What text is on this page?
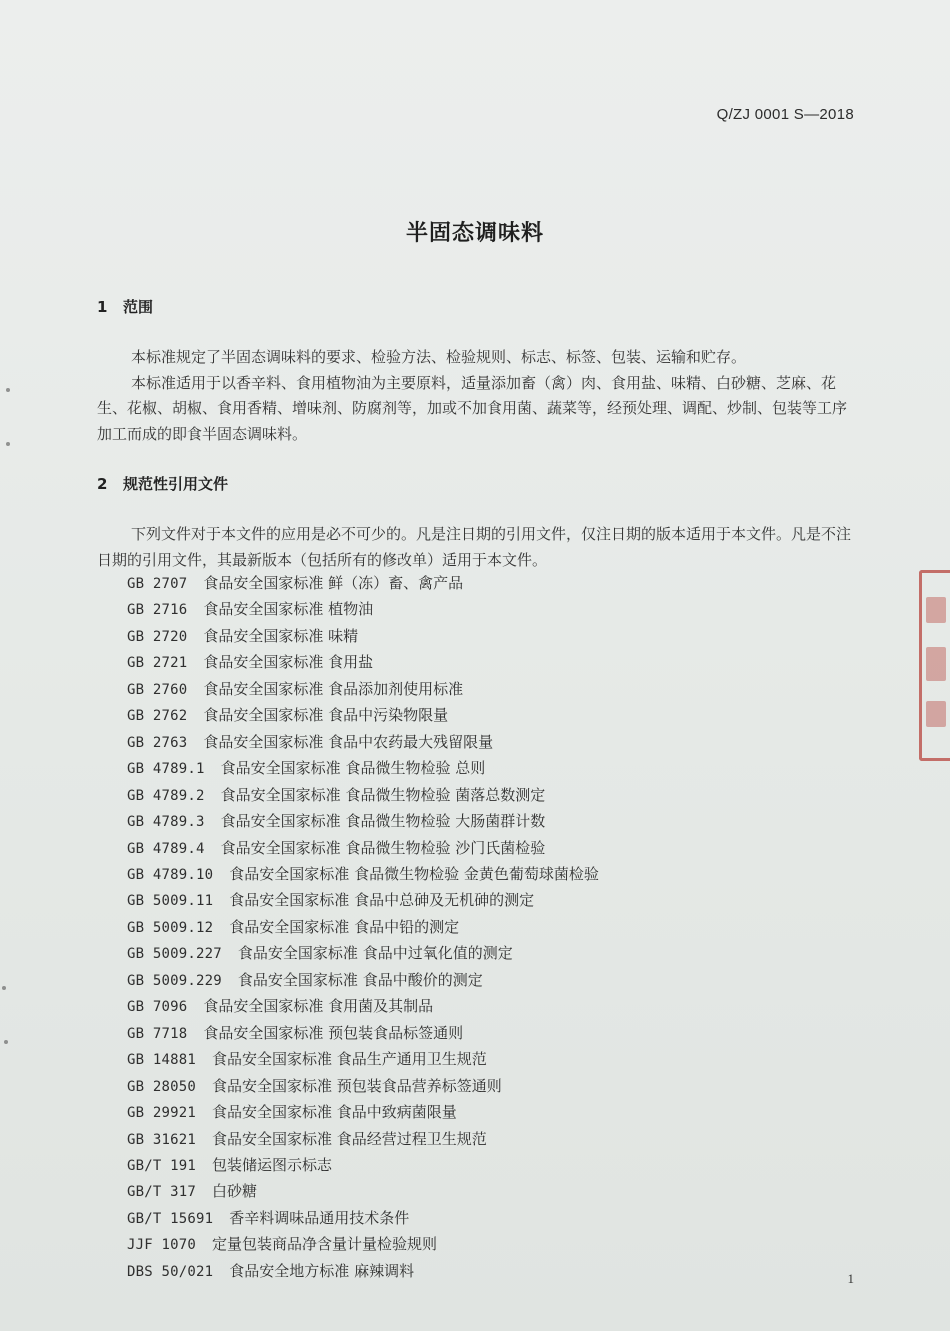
Q/ZJ 0001 S—2018
半固态调味料
1 范围

本标准规定了半固态调味料的要求、检验方法、检验规则、标志、标签、包装、运输和贮存。

本标准适用于以香辛料、食用植物油为主要原料，适量添加畜（禽）肉、食用盐、味精、白砂糖、芝麻、花生、花椒、胡椒、食用香精、增味剂、防腐剂等，加或不加食用菌、蔬菜等，经预处理、调配、炒制、包装等工序加工而成的即食半固态调味料。

2 规范性引用文件

下列文件对于本文件的应用是必不可少的。凡是注日期的引用文件，仅注日期的版本适用于本文件。凡是不注日期的引用文件，其最新版本（包括所有的修改单）适用于本文件。

GB 2707 食品安全国家标准 鲜（冻）畜、禽产品
GB 2716 食品安全国家标准 植物油
GB 2720 食品安全国家标准 味精
GB 2721 食品安全国家标准 食用盐
GB 2760 食品安全国家标准 食品添加剂使用标准
GB 2762 食品安全国家标准 食品中污染物限量
GB 2763 食品安全国家标准 食品中农药最大残留限量
GB 4789.1 食品安全国家标准 食品微生物检验 总则
GB 4789.2 食品安全国家标准 食品微生物检验 菌落总数测定
GB 4789.3 食品安全国家标准 食品微生物检验 大肠菌群计数
GB 4789.4 食品安全国家标准 食品微生物检验 沙门氏菌检验
GB 4789.10 食品安全国家标准 食品微生物检验 金黄色葡萄球菌检验
GB 5009.11 食品安全国家标准 食品中总砷及无机砷的测定
GB 5009.12 食品安全国家标准 食品中铅的测定
GB 5009.227 食品安全国家标准 食品中过氧化值的测定
GB 5009.229 食品安全国家标准 食品中酸价的测定
GB 7096 食品安全国家标准 食用菌及其制品
GB 7718 食品安全国家标准 预包装食品标签通则
GB 14881 食品安全国家标准 食品生产通用卫生规范
GB 28050 食品安全国家标准 预包装食品营养标签通则
GB 29921 食品安全国家标准 食品中致病菌限量
GB 31621 食品安全国家标准 食品经营过程卫生规范
GB/T 191 包装储运图示标志
GB/T 317 白砂糖
GB/T 15691 香辛料调味品通用技术条件
JJF 1070 定量包装商品净含量计量检验规则
DBS 50/021 食品安全地方标准 麻辣调料	1
